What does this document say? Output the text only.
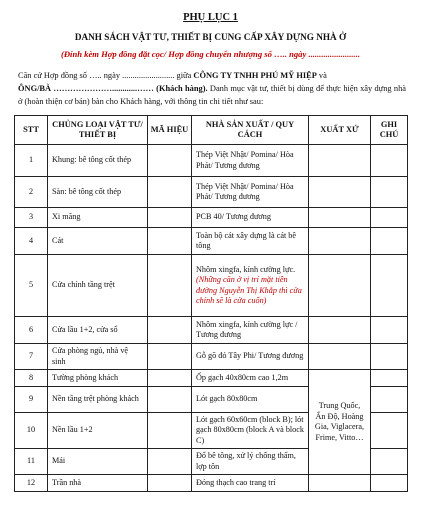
PHỤ LỤC 1
DANH SÁCH VẬT TƯ, THIẾT BỊ CUNG CẤP XÂY DỰNG NHÀ Ở
(Đính kèm Hợp đồng đặt cọc/ Hợp đồng chuyển nhượng số ….. ngày ........................
Căn cứ Hợp đồng số ….. ngày ......................... giữa CÔNG TY TNHH PHÚ MỸ HIỆP và
ÔNG/BÀ …………………............…… (Khách hàng). Danh mục vật tư, thiết bị dùng để thực hiện xây dựng nhà ở (hoàn thiện cơ bản) bàn cho Khách hàng, với thông tin chi tiết như sau:
STT	CHỦNG LOẠI VẬT TƯ/ THIẾT BỊ	MÃ HIỆU	NHÀ SẢN XUẤT / QUY CÁCH	XUẤT XỨ	GHI CHÚ
1	Khung: bê tông cốt thép		Thép Việt Nhật/ Pomina/ Hòa Phát/ Tương đương		
2	Sàn: bê tông cốt thép		Thép Việt Nhật/ Pomina/ Hòa Phát/ Tương đương		
3	Xi măng		PCB 40/ Tương đương		
4	Cát		Toàn bộ cát xây dựng là cát bê tông		
5	Cửa chính tầng trệt		Nhôm xingfa, kính cường lực.
(Những căn ở vị trí mặt tiền đường Nguyễn Thị Khắp thì cửa chính sẽ là cửa cuốn)		

6	Cửa lầu 1+2, cửa sổ		Nhôm xingfa, kính cường lực / Tương đương		
7	Cửa phòng ngủ, nhà vệ sinh		Gỗ gõ đỏ Tây Phi/ Tương đương		
8	Tường phòng khách		Ốp gạch 40x80cm cao 1,2m	Trung Quốc, Ấn Độ, Hoàng Gia, Viglacera, Frime, Vitto…	
9	Nền tầng trệt phòng khách		Lót gạch 80x80cm		
10	Nền lầu 1+2		Lót gạch 60x60cm (block B); lót gạch 80x80cm (block A và block C)		
11	Mái		Đổ bê tông, xử lý chống thấm, lợp tôn		
12	Trần nhà		Đóng thạch cao trang trí		
